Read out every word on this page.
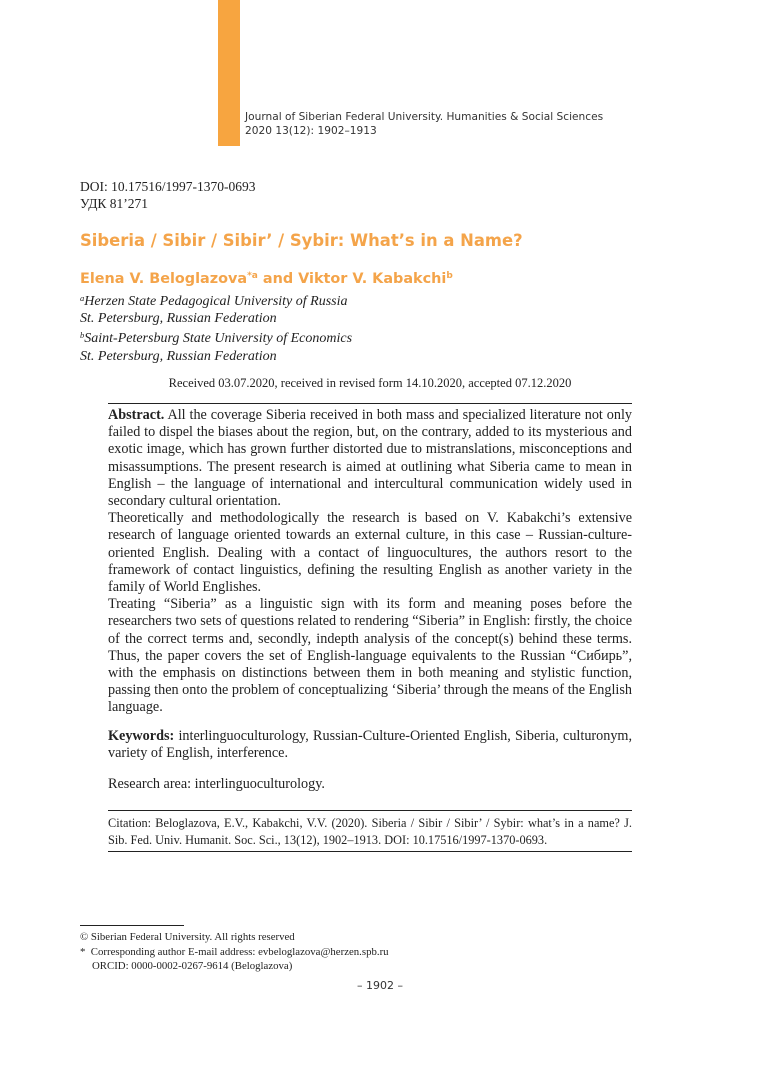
Journal of Siberian Federal University. Humanities & Social Sciences
2020 13(12): 1902–1913
DOI: 10.17516/1997-1370-0693
УДК 81’271
Siberia / Sibir / Sibir’ / Sybir: What’s in a Name?
Elena V. Beloglazova$^{*a}$ and Viktor V. Kabakchi$^b$
$^a$Herzen State Pedagogical University of Russia
St. Petersburg, Russian Federation
$^b$Saint-Petersburg State University of Economics
St. Petersburg, Russian Federation
Received 03.07.2020, received in revised form 14.10.2020, accepted 07.12.2020

Abstract. All the coverage Siberia received in both mass and specialized literature not only failed to dispel the biases about the region, but, on the contrary, added to its mysterious and exotic image, which has grown further distorted due to mistranslations, misconceptions and misassumptions. The present research is aimed at outlining what Siberia came to mean in English – the language of international and intercultural communication widely used in secondary cultural orientation.

Theoretically and methodologically the research is based on V. Kabakchi’s extensive research of language oriented towards an external culture, in this case – Russian-culture-oriented English. Dealing with a contact of linguocultures, the authors resort to the framework of contact linguistics, defining the resulting English as another variety in the family of World Englishes.

Treating “Siberia” as a linguistic sign with its form and meaning poses before the researchers two sets of questions related to rendering “Siberia” in English: firstly, the choice of the correct terms and, secondly, indepth analysis of the concept(s) behind these terms. Thus, the paper covers the set of English-language equivalents to the Russian “Сибирь”, with the emphasis on distinctions between them in both meaning and stylistic function, passing then onto the problem of conceptualizing ‘Siberia’ through the means of the English language.

Keywords: interlinguoculturology, Russian-Culture-Oriented English, Siberia, culturonym, variety of English, interference.
Research area: interlinguoculturology.
Citation: Beloglazova, E.V., Kabakchi, V.V. (2020). Siberia / Sibir / Sibir’ / Sybir: what’s in a name? J. Sib. Fed. Univ. Humanit. Soc. Sci., 13(12), 1902–1913. DOI: 10.17516/1997-1370-0693.
© Siberian Federal University. All rights reserved
*  Corresponding author E-mail address: evbeloglazova@herzen.spb.ru
ORCID: 0000-0002-0267-9614 (Beloglazova)
– 1902 –
